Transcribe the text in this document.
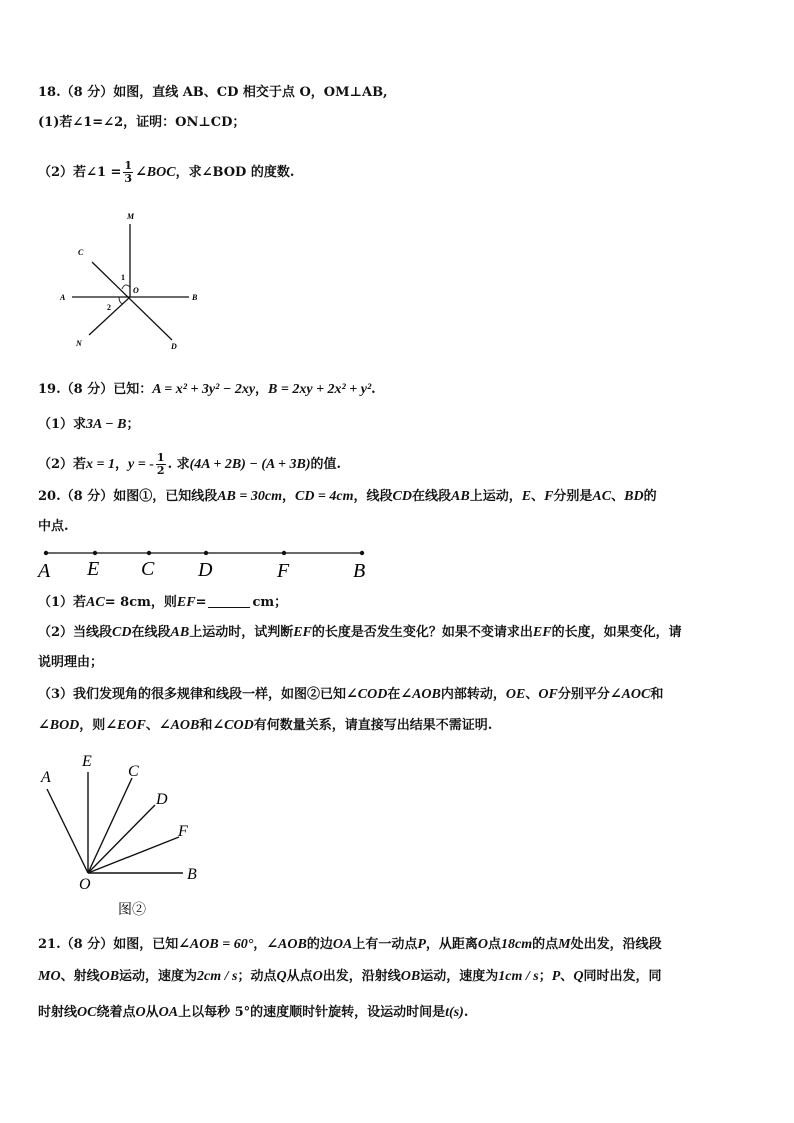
18.（8 分）如图，直线 AB、CD 相交于点 O，OM⊥AB,
(1)若∠1=∠2，证明：ON⊥CD；
（2）若∠1 = $\frac{1}{3}$ ∠BOC，求∠BOD 的度数.
M
C
O
A	B
N	D
1
2
19.（8 分）已知：A = x² + 3y² − 2xy，B = 2xy + 2x² + y².
（1）求3A − B；
（2）若x = 1，y = - $\frac{1}{2}$ . 求(4A + 2B) − (A + 3B)的值.
20.（8 分）如图①，已知线段AB = 30cm，CD = 4cm，线段CD在线段AB上运动，E、F分别是AC、BD的
中点.
A E C D	F	B
（1）若AC= 8cm，则EF=	cm；
（2）当线段CD在线段AB上运动时，试判断EF的长度是否发生变化？如果不变请求出EF的长度，如果变化，请
说明理由；
（3）我们发现角的很多规律和线段一样，如图②已知∠COD在∠AOB内部转动，OE、OF分别平分∠AOC和
∠BOD，则∠EOF、∠AOB和∠COD有何数量关系，请直接写出结果不需证明.
A
E
C
D
F
B
O
图②
21.（8 分）如图，已知∠AOB = 60°，∠AOB的边OA上有一动点P，从距离O点18cm的点M处出发，沿线段
MO、射线OB运动，速度为2cm / s；动点Q从点O出发，沿射线OB运动，速度为1cm / s；P、Q同时出发，同
时射线OC绕着点O从OA上以每秒 5°的速度顺时针旋转，设运动时间是t(s).
